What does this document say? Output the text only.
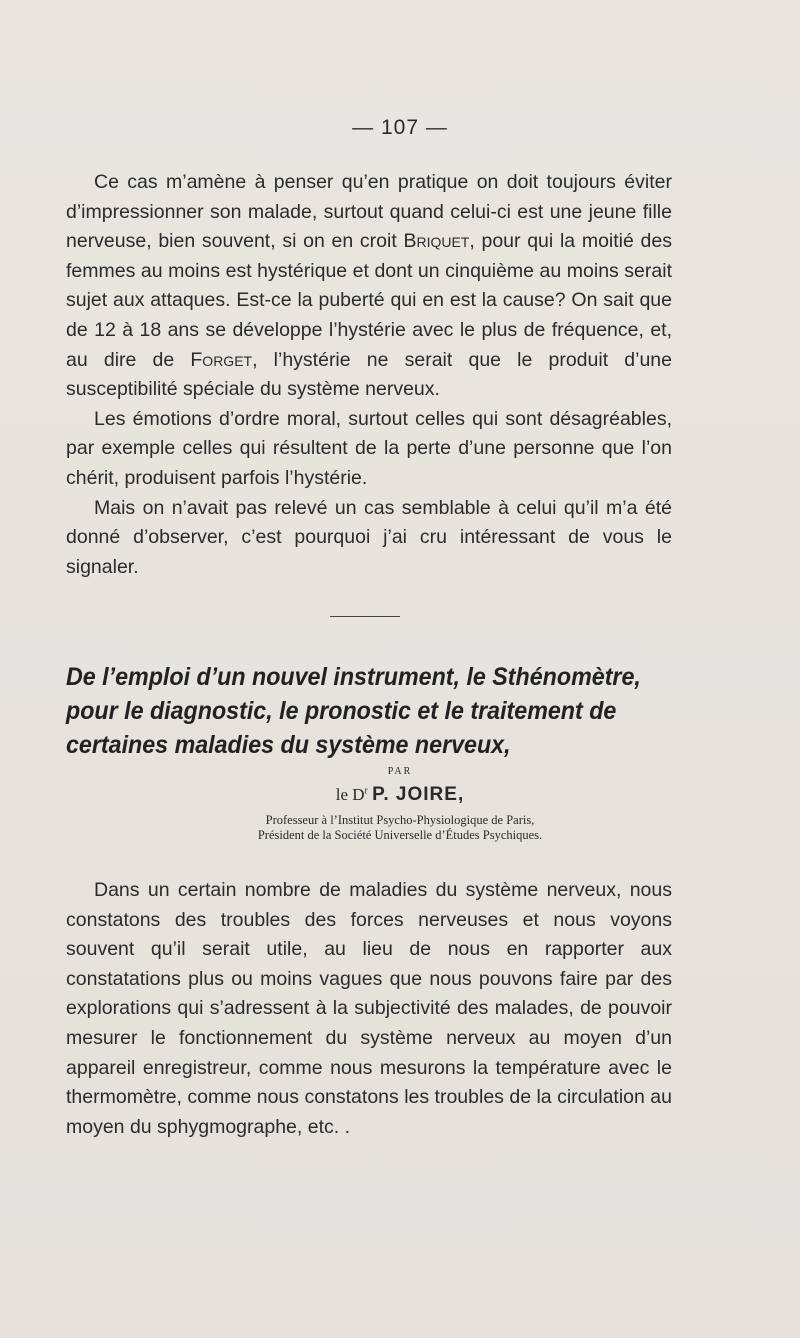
— 107 —

Ce cas m’amène à penser qu’en pratique on doit toujours éviter d’impressionner son malade, surtout quand celui-ci est une jeune fille nerveuse, bien souvent, si on en croit Briquet, pour qui la moitié des femmes au moins est hystérique et dont un cinquième au moins serait sujet aux attaques. Est-ce la puberté qui en est la cause? On sait que de 12 à 18 ans se développe l’hystérie avec le plus de fréquence, et, au dire de Forget, l’hystérie ne serait que le produit d’une susceptibilité spéciale du système nerveux.

Les émotions d’ordre moral, surtout celles qui sont désagréables, par exemple celles qui résultent de la perte d’une personne que l’on chérit, produisent parfois l’hystérie.

Mais on n’avait pas relevé un cas semblable à celui qu’il m’a été donné d’observer, c’est pourquoi j’ai cru intéressant de vous le signaler.

De l’emploi d’un nouvel instrument, le Sthénomètre, pour le diagnostic, le pronostic et le traitement de certaines maladies du système nerveux,
PAR
le $D^r$ P. JOIRE,
Professeur à l’Institut Psycho-Physiologique de Paris,
Président de la Société Universelle d’Études Psychiques.

Dans un certain nombre de maladies du système nerveux, nous constatons des troubles des forces nerveuses et nous voyons souvent qu’il serait utile, au lieu de nous en rapporter aux constatations plus ou moins vagues que nous pouvons faire par des explorations qui s’adressent à la subjectivité des malades, de pouvoir mesurer le fonctionnement du système nerveux au moyen d’un appareil enregistreur, comme nous mesurons la température avec le thermomètre, comme nous constatons les troubles de la circulation au moyen du sphygmographe, etc. .
